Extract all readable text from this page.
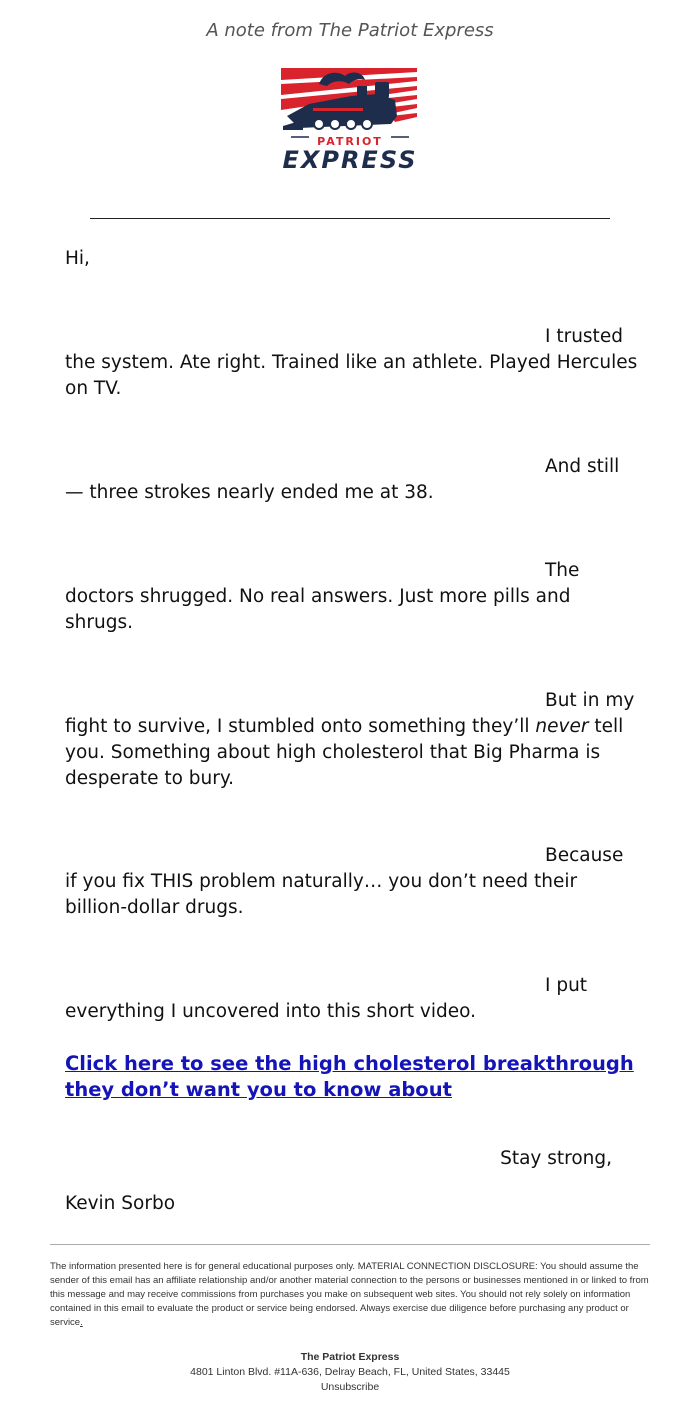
A note from The Patriot Express
PATRIOT
EXPRESS

Hi,

I trusted the system. Ate right. Trained like an athlete. Played Hercules on TV.

And still — three strokes nearly ended me at 38.

The doctors shrugged. No real answers. Just more pills and shrugs.

But in my fight to survive, I stumbled onto something they’ll never tell you. Something about high cholesterol that Big Pharma is desperate to bury.

Because if you fix THIS problem naturally… you don’t need their billion-dollar drugs.

I put everything I uncovered into this short video.

Click here to see the high cholesterol breakthrough they don’t want you to know about
Stay strong,
Kevin Sorbo
The information presented here is for general educational purposes only. MATERIAL CONNECTION DISCLOSURE: You should assume the sender of this email has an affiliate relationship and/or another material connection to the persons or businesses mentioned in or linked to from this message and may receive commissions from purchases you make on subsequent web sites. You should not rely solely on information contained in this email to evaluate the product or service being endorsed. Always exercise due diligence before purchasing any product or service.
The Patriot Express
4801 Linton Blvd. #11A-636, Delray Beach, FL, United States, 33445
Unsubscribe
